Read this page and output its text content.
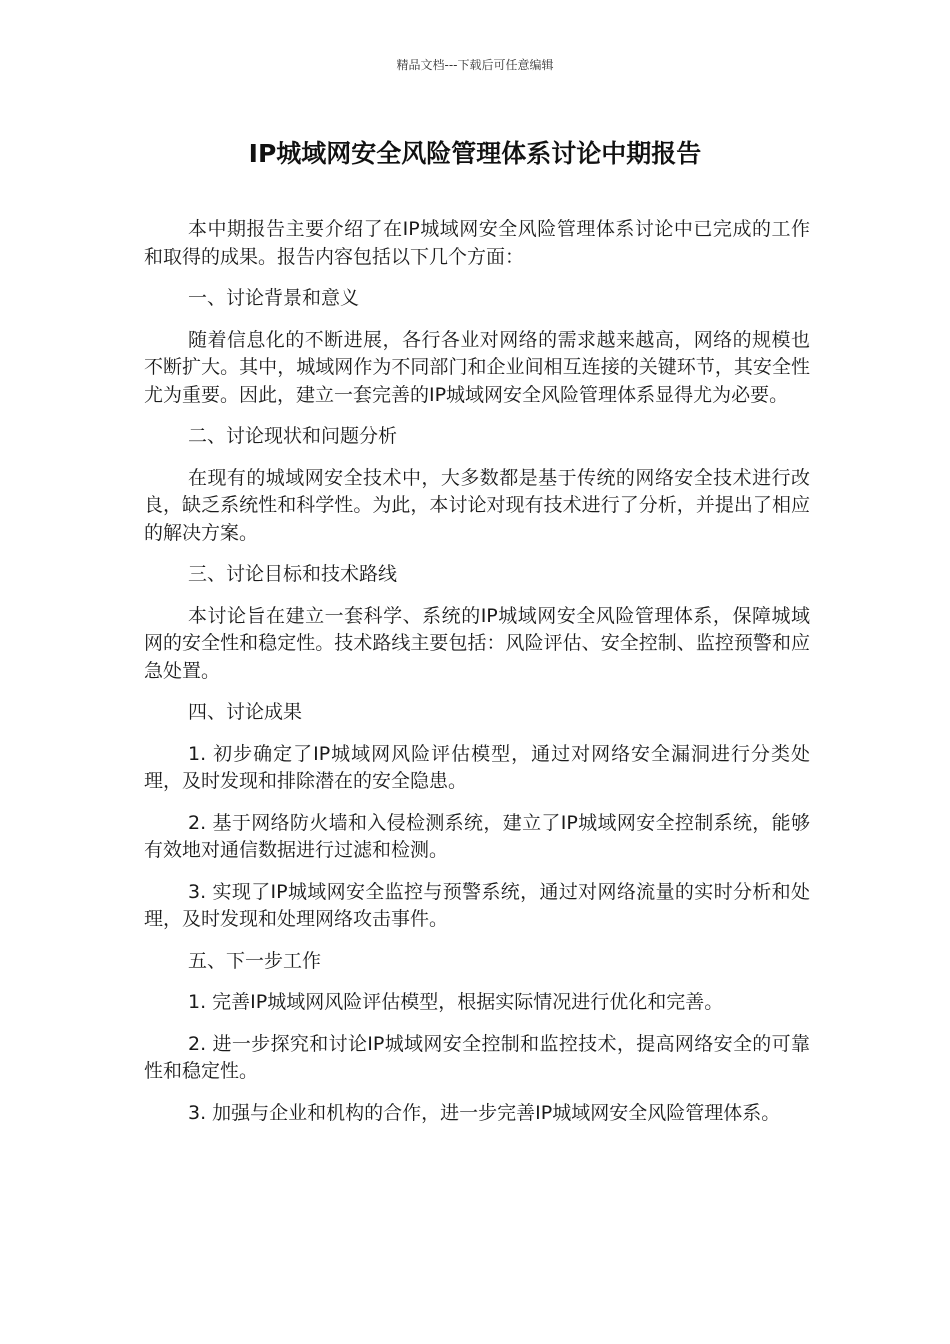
精品文档---下载后可任意编辑
IP城域网安全风险管理体系讨论中期报告

本中期报告主要介绍了在IP城域网安全风险管理体系讨论中已完成的工作和取得的成果。报告内容包括以下几个方面：

一、讨论背景和意义

随着信息化的不断进展，各行各业对网络的需求越来越高，网络的规模也不断扩大。其中，城域网作为不同部门和企业间相互连接的关键环节，其安全性尤为重要。因此，建立一套完善的IP城域网安全风险管理体系显得尤为必要。

二、讨论现状和问题分析

在现有的城域网安全技术中，大多数都是基于传统的网络安全技术进行改良，缺乏系统性和科学性。为此，本讨论对现有技术进行了分析，并提出了相应的解决方案。

三、讨论目标和技术路线

本讨论旨在建立一套科学、系统的IP城域网安全风险管理体系，保障城域网的安全性和稳定性。技术路线主要包括：风险评估、安全控制、监控预警和应急处置。

四、讨论成果

1. 初步确定了IP城域网风险评估模型，通过对网络安全漏洞进行分类处理，及时发现和排除潜在的安全隐患。

2. 基于网络防火墙和入侵检测系统，建立了IP城域网安全控制系统，能够有效地对通信数据进行过滤和检测。

3. 实现了IP城域网安全监控与预警系统，通过对网络流量的实时分析和处理，及时发现和处理网络攻击事件。

五、下一步工作

1. 完善IP城域网风险评估模型，根据实际情况进行优化和完善。

2. 进一步探究和讨论IP城域网安全控制和监控技术，提高网络安全的可靠性和稳定性。

3. 加强与企业和机构的合作，进一步完善IP城域网安全风险管理体系。
